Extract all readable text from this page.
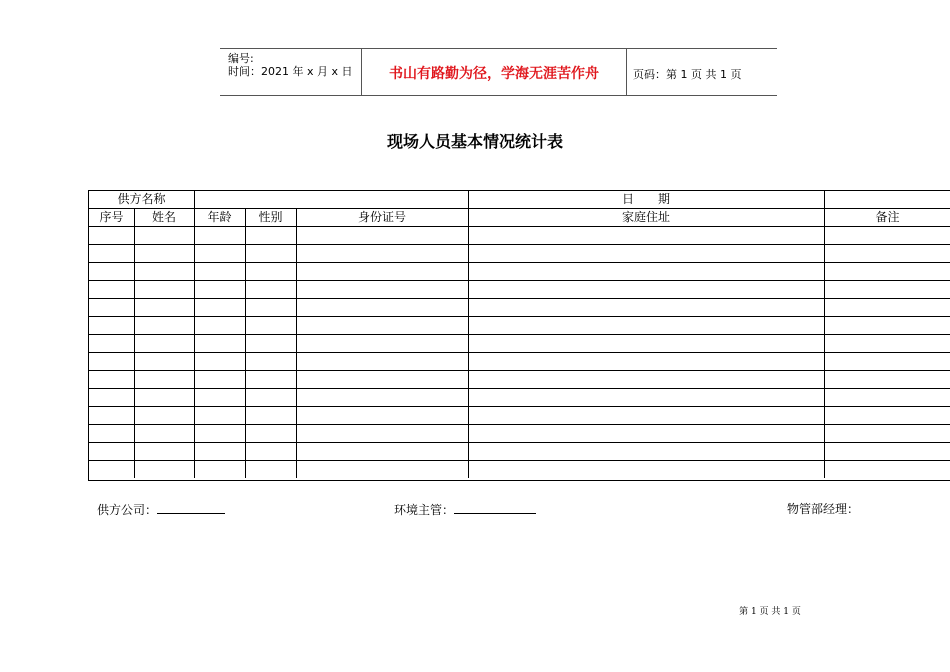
编号:
时间：2021 年 x 月 x 日	书山有路勤为径，学海无涯苦作舟	页码：第 1 页 共 1 页
现场人员基本情况统计表
供方名称	日　　期
序号	姓名	年龄	性别	身份证号	家庭住址	备注
供方公司：	环境主管：	物管部经理：
第 1 页 共 1 页
